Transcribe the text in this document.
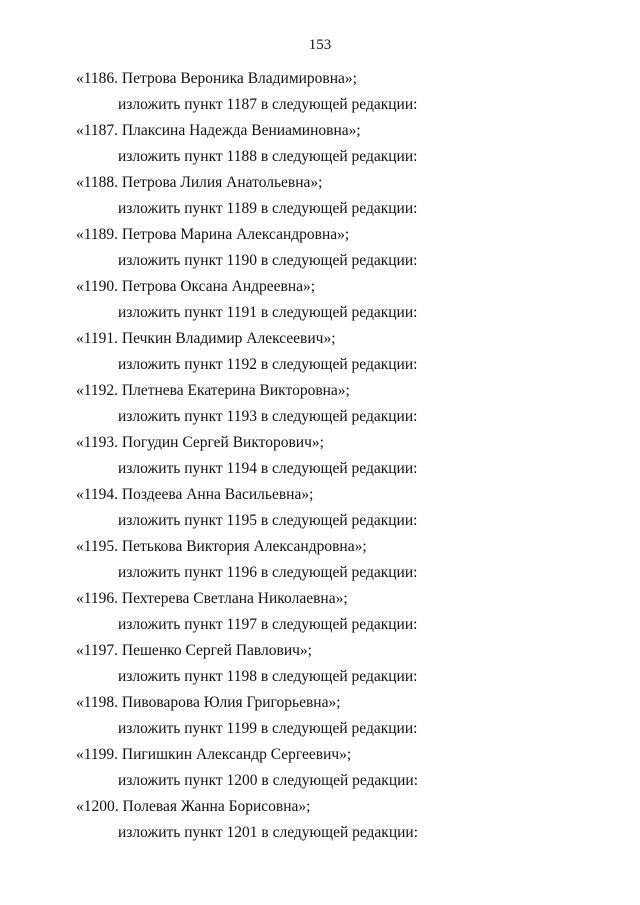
153
«1186. Петрова Вероника Владимировна»;
изложить пункт 1187 в следующей редакции:
«1187. Плаксина Надежда Вениаминовна»;
изложить пункт 1188 в следующей редакции:
«1188. Петрова Лилия Анатольевна»;
изложить пункт 1189 в следующей редакции:
«1189. Петрова Марина Александровна»;
изложить пункт 1190 в следующей редакции:
«1190. Петрова Оксана Андреевна»;
изложить пункт 1191 в следующей редакции:
«1191. Печкин Владимир Алексеевич»;
изложить пункт 1192 в следующей редакции:
«1192. Плетнева Екатерина Викторовна»;
изложить пункт 1193 в следующей редакции:
«1193. Погудин Сергей Викторович»;
изложить пункт 1194 в следующей редакции:
«1194. Поздеева Анна Васильевна»;
изложить пункт 1195 в следующей редакции:
«1195. Петькова Виктория Александровна»;
изложить пункт 1196 в следующей редакции:
«1196. Пехтерева Светлана Николаевна»;
изложить пункт 1197 в следующей редакции:
«1197. Пешенко Сергей Павлович»;
изложить пункт 1198 в следующей редакции:
«1198. Пивоварова Юлия Григорьевна»;
изложить пункт 1199 в следующей редакции:
«1199. Пигишкин Александр Сергеевич»;
изложить пункт 1200 в следующей редакции:
«1200. Полевая Жанна Борисовна»;
изложить пункт 1201 в следующей редакции:
